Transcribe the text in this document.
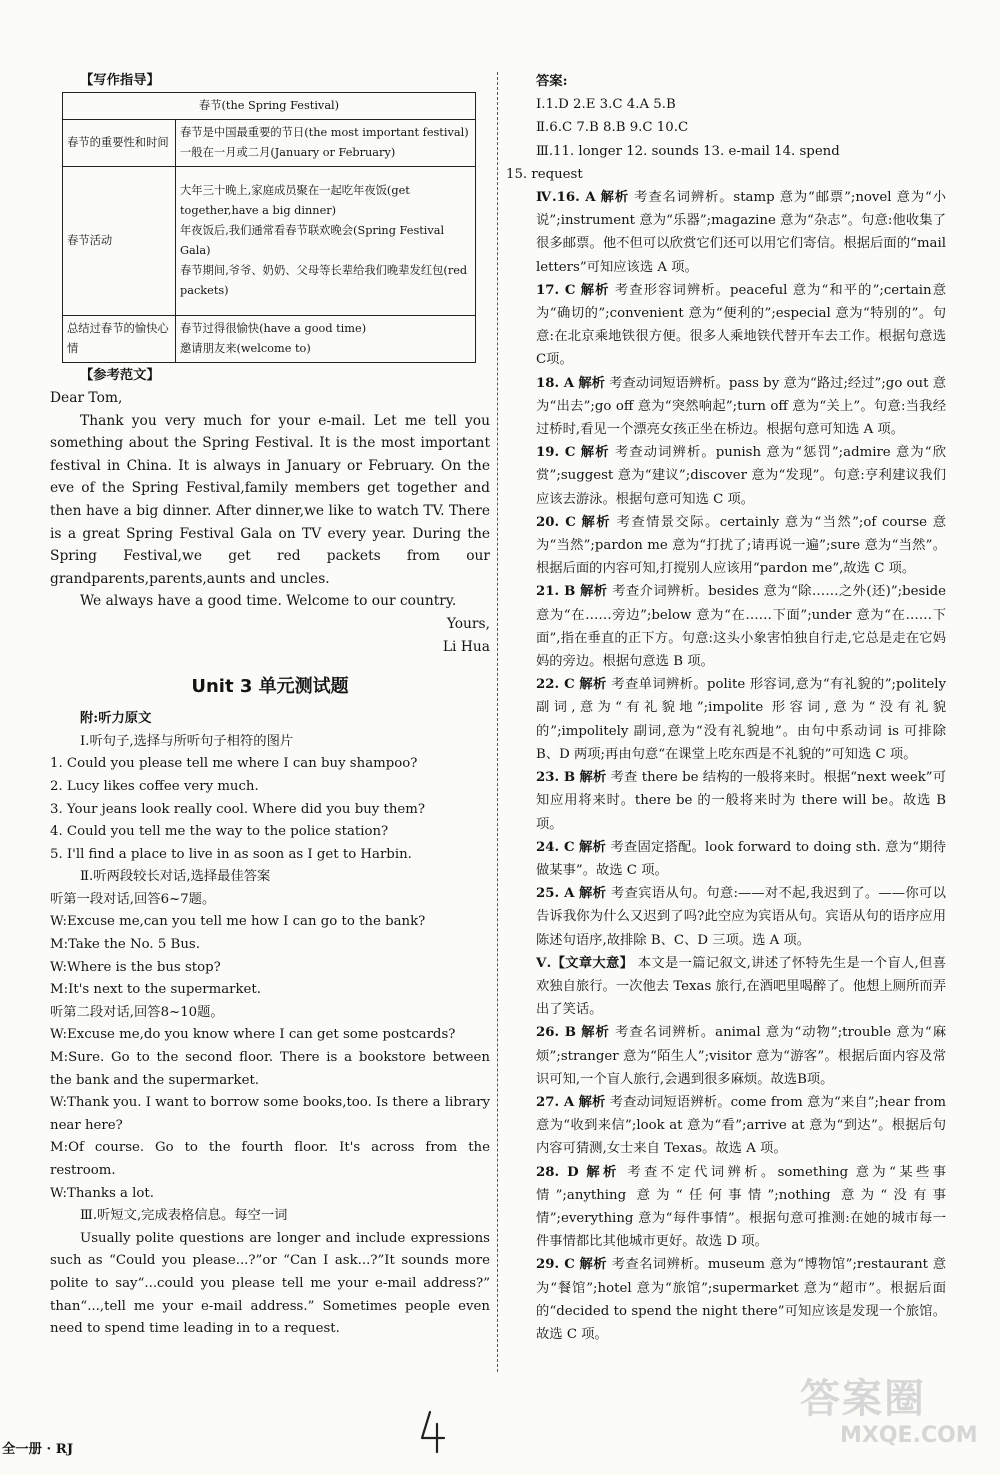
【写作指导】
春节(the Spring Festival)	
春节的重要性和时间	春节是中国最重要的节日(the most important festival)
一般在一月或二月(January or February)

春节活动	大年三十晚上,家庭成员聚在一起吃年夜饭(get together,have a big dinner)
年夜饭后,我们通常看春节联欢晚会(Spring Festival Gala)
春节期间,爷爷、奶奶、父母等长辈给我们晚辈发红包(red packets)

总结过春节的愉快心情	春节过得很愉快(have a good time)
邀请朋友来(welcome to)
【参考范文】

Dear Tom,

Thank you very much for your e-mail. Let me tell you something about the Spring Festival. It is the most important festival in China. It is always in January or February. On the eve of the Spring Festival,family members get together and then have a big dinner. After dinner,we like to watch TV. There is a great Spring Festival Gala on TV every year. During the Spring Festival,we get red packets from our grandparents,parents,aunts and uncles.

We always have a good time. Welcome to our country.

Yours,

Li Hua

Unit 3 单元测试题

附:听力原文

Ⅰ.听句子,选择与所听句子相符的图片

1. Could you please tell me where I can buy shampoo?

2. Lucy likes coffee very much.

3. Your jeans look really cool. Where did you buy them?

4. Could you tell me the way to the police station?

5. I'll find a place to live in as soon as I get to Harbin.

Ⅱ.听两段较长对话,选择最佳答案

听第一段对话,回答6~7题。

W:Excuse me,can you tell me how I can go to the bank?

M:Take the No. 5 Bus.

W:Where is the bus stop?

M:It's next to the supermarket.

听第二段对话,回答8~10题。

W:Excuse me,do you know where I can get some postcards?

M:Sure. Go to the second floor. There is a bookstore between the bank and the supermarket.

W:Thank you. I want to borrow some books,too. Is there a library near here?

M:Of course. Go to the fourth floor. It's across from the restroom.

W:Thanks a lot.

Ⅲ.听短文,完成表格信息。每空一词

Usually polite questions are longer and include expressions such as “Could you please...?”or “Can I ask...?”It sounds more polite to say“...could you please tell me your e-mail address?” than“...,tell me your e-mail address.” Sometimes people even need to spend time leading in to a request.

答案:

Ⅰ.1.D 2.E 3.C 4.A 5.B

Ⅱ.6.C 7.B 8.B 9.C 10.C

Ⅲ.11. longer 12. sounds 13. e-mail 14. spend

15. request

Ⅳ.16. A 解析 考查名词辨析。stamp 意为“邮票”;novel 意为“小说”;instrument 意为“乐器”;magazine 意为“杂志”。句意:他收集了很多邮票。他不但可以欣赏它们还可以用它们寄信。根据后面的“mail letters”可知应该选 A 项。

17. C 解析 考查形容词辨析。peaceful 意为“和平的”;certain意为“确切的”;convenient 意为“便利的”;especial 意为“特别的”。句意:在北京乘地铁很方便。很多人乘地铁代替开车去工作。根据句意选C项。

18. A 解析 考查动词短语辨析。pass by 意为“路过;经过”;go out 意为“出去”;go off 意为“突然响起”;turn off 意为“关上”。句意:当我经过桥时,看见一个漂亮女孩正坐在桥边。根据句意可知选 A 项。

19. C 解析 考查动词辨析。punish 意为“惩罚”;admire 意为“欣赏”;suggest 意为“建议”;discover 意为“发现”。句意:亨利建议我们应该去游泳。根据句意可知选 C 项。

20. C 解析 考查情景交际。certainly 意为“当然”;of course 意为“当然”;pardon me 意为“打扰了;请再说一遍”;sure 意为“当然”。根据后面的内容可知,打搅别人应该用“pardon me”,故选 C 项。

21. B 解析 考查介词辨析。besides 意为“除……之外(还)”;beside 意为“在……旁边”;below 意为“在……下面”;under 意为“在……下面”,指在垂直的正下方。句意:这头小象害怕独自行走,它总是走在它妈妈的旁边。根据句意选 B 项。

22. C 解析 考查单词辨析。polite 形容词,意为“有礼貌的”;politely 副词,意为“有礼貌地”;impolite 形容词,意为“没有礼貌的”;impolitely 副词,意为“没有礼貌地”。由句中系动词 is 可排除 B、D 两项;再由句意“在课堂上吃东西是不礼貌的”可知选 C 项。

23. B 解析 考查 there be 结构的一般将来时。根据“next week”可知应用将来时。there be 的一般将来时为 there will be。故选 B 项。

24. C 解析 考查固定搭配。look forward to doing sth. 意为“期待做某事”。故选 C 项。

25. A 解析 考查宾语从句。句意:——对不起,我迟到了。——你可以告诉我你为什么又迟到了吗?此空应为宾语从句。宾语从句的语序应用陈述句语序,故排除 B、C、D 三项。选 A 项。

Ⅴ.【文章大意】 本文是一篇记叙文,讲述了怀特先生是一个盲人,但喜欢独自旅行。一次他去 Texas 旅行,在酒吧里喝醉了。他想上厕所而弄出了笑话。

26. B 解析 考查名词辨析。animal 意为“动物”;trouble 意为“麻烦”;stranger 意为“陌生人”;visitor 意为“游客”。根据后面内容及常识可知,一个盲人旅行,会遇到很多麻烦。故选B项。

27. A 解析 考查动词短语辨析。come from 意为“来自”;hear from 意为“收到来信”;look at 意为“看”;arrive at 意为“到达”。根据后句内容可猜测,女士来自 Texas。故选 A 项。

28. D 解析 考查不定代词辨析。something 意为“某些事情”;anything 意为“任何事情”;nothing 意为“没有事情”;everything 意为“每件事情”。根据句意可推测:在她的城市每一件事情都比其他城市更好。故选 D 项。

29. C 解析 考查名词辨析。museum 意为“博物馆”;restaurant 意为“餐馆”;hotel 意为“旅馆”;supermarket 意为“超市”。根据后面的“decided to spend the night there”可知应该是发现一个旅馆。故选 C 项。

全一册 · RJ
4	答案圈
MXQE.COM
